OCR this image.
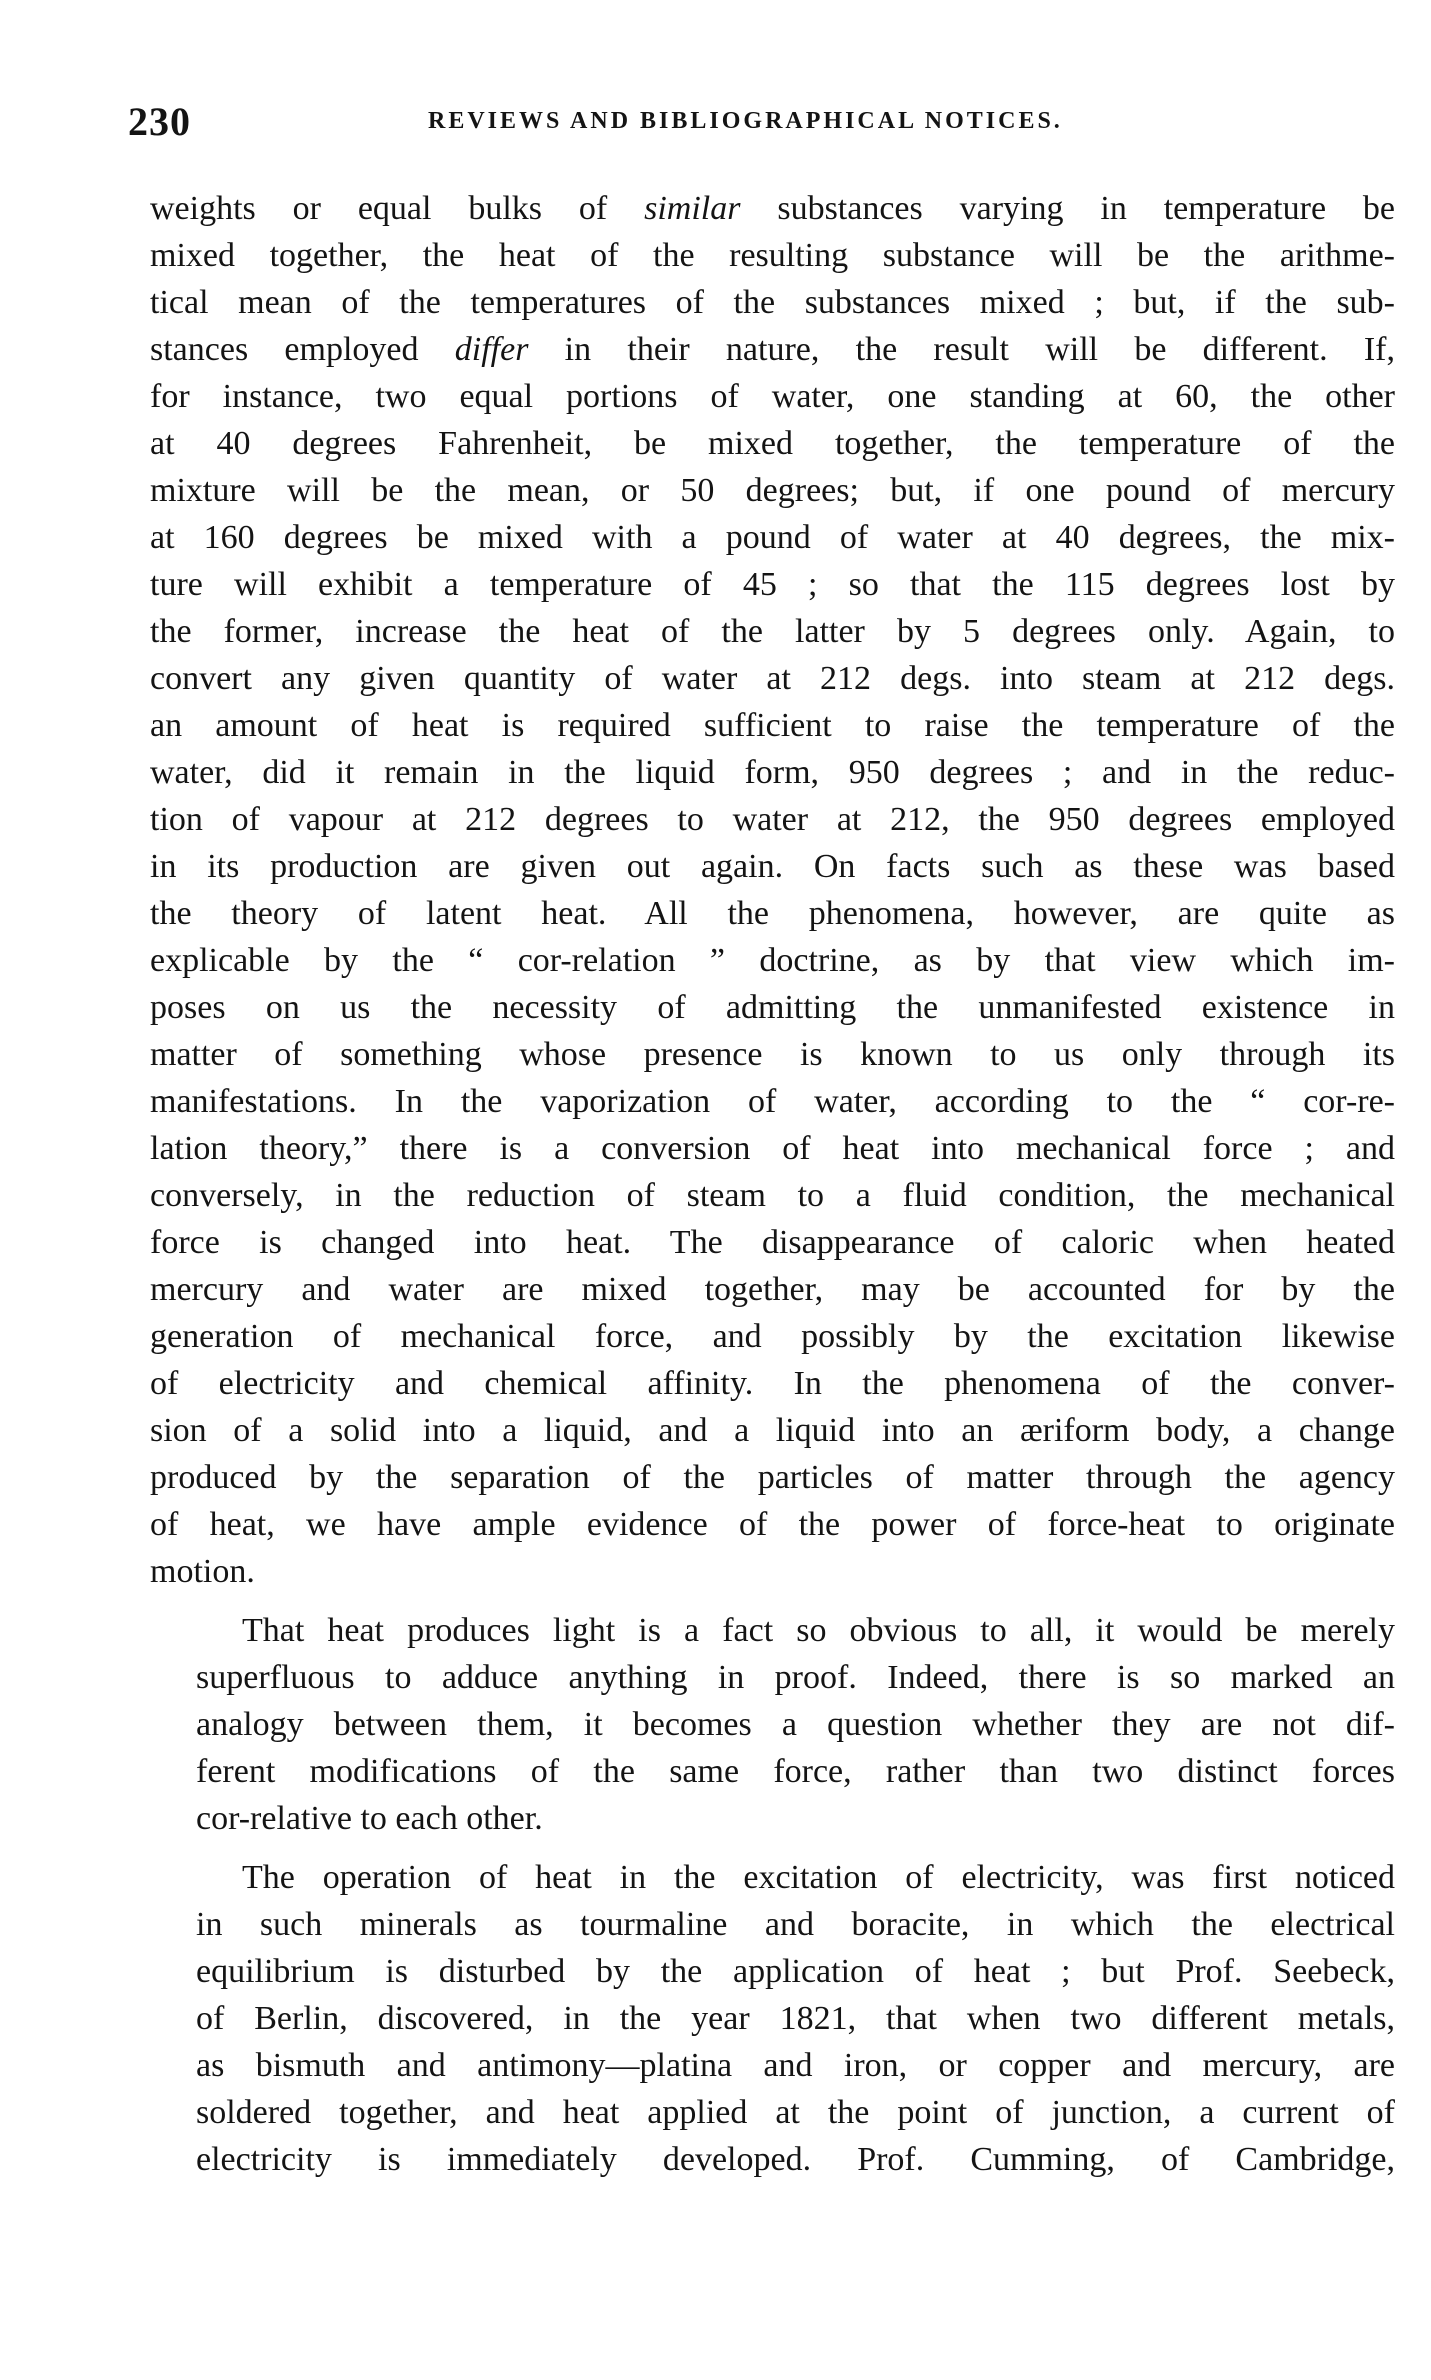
230	REVIEWS AND BIBLIOGRAPHICAL NOTICES.
weights or equal bulks of similar substances varying in temperature be
mixed together, the heat of the resulting substance will be the arithme-
tical mean of the temperatures of the substances mixed ; but, if the sub-
stances employed differ in their nature, the result will be different. If,
for instance, two equal portions of water, one standing at 60, the other
at 40 degrees Fahrenheit, be mixed together, the temperature of the
mixture will be the mean, or 50 degrees; but, if one pound of mercury
at 160 degrees be mixed with a pound of water at 40 degrees, the mix-
ture will exhibit a temperature of 45 ; so that the 115 degrees lost by
the former, increase the heat of the latter by 5 degrees only. Again, to
convert any given quantity of water at 212 degs. into steam at 212 degs.
an amount of heat is required sufficient to raise the temperature of the
water, did it remain in the liquid form, 950 degrees ; and in the reduc-
tion of vapour at 212 degrees to water at 212, the 950 degrees employed
in its production are given out again. On facts such as these was based
the theory of latent heat. All the phenomena, however, are quite as
explicable by the “ cor-relation ” doctrine, as by that view which im-
poses on us the necessity of admitting the unmanifested existence in
matter of something whose presence is known to us only through its
manifestations. In the vaporization of water, according to the “ cor-re-
lation theory,” there is a conversion of heat into mechanical force ; and
conversely, in the reduction of steam to a fluid condition, the mechanical
force is changed into heat. The disappearance of caloric when heated
mercury and water are mixed together, may be accounted for by the
generation of mechanical force, and possibly by the excitation likewise
of electricity and chemical affinity. In the phenomena of the conver-
sion of a solid into a liquid, and a liquid into an æriform body, a change
produced by the separation of the particles of matter through the agency
of heat, we have ample evidence of the power of force-heat to originate
motion.
That heat produces light is a fact so obvious to all, it would be merely
superfluous to adduce anything in proof. Indeed, there is so marked an
analogy between them, it becomes a question whether they are not dif-
ferent modifications of the same force, rather than two distinct forces
cor-relative to each other.
The operation of heat in the excitation of electricity, was first noticed
in such minerals as tourmaline and boracite, in which the electrical
equilibrium is disturbed by the application of heat ; but Prof. Seebeck,
of Berlin, discovered, in the year 1821, that when two different metals,
as bismuth and antimony—platina and iron, or copper and mercury, are
soldered together, and heat applied at the point of junction, a current of
electricity is immediately developed. Prof. Cumming, of Cambridge,
